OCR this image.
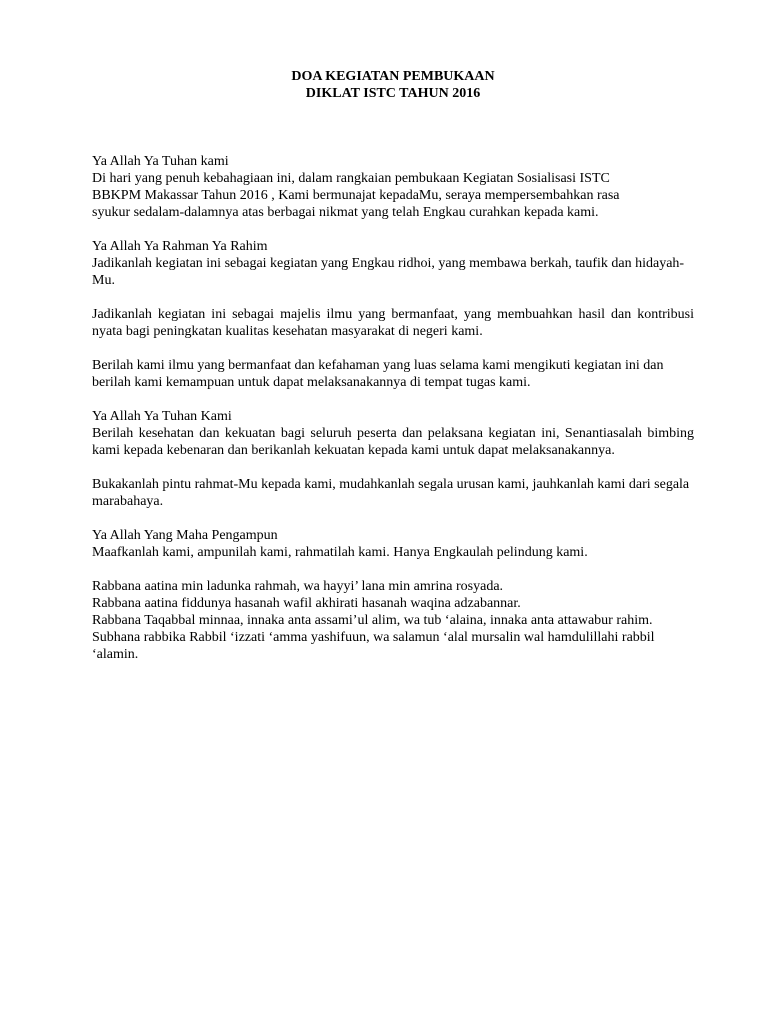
DOA KEGIATAN PEMBUKAAN
DIKLAT ISTC TAHUN 2016
Ya Allah Ya Tuhan kami
Di hari yang penuh kebahagiaan ini, dalam rangkaian pembukaan Kegiatan Sosialisasi ISTC
BBKPM Makassar Tahun 2016 , Kami bermunajat kepadaMu, seraya mempersembahkan rasa
syukur sedalam-dalamnya atas berbagai nikmat yang telah Engkau curahkan kepada kami.
Ya Allah Ya Rahman Ya Rahim
Jadikanlah kegiatan ini sebagai kegiatan yang Engkau ridhoi, yang membawa berkah, taufik dan hidayah-Mu.
Jadikanlah kegiatan ini sebagai majelis ilmu yang bermanfaat, yang membuahkan hasil dan kontribusi nyata bagi peningkatan kualitas kesehatan masyarakat di negeri kami.
Berilah kami ilmu yang bermanfaat dan kefahaman yang luas selama kami mengikuti kegiatan ini dan berilah kami kemampuan untuk dapat melaksanakannya di tempat tugas kami.
Ya Allah Ya Tuhan Kami
Berilah kesehatan dan kekuatan bagi seluruh peserta dan pelaksana kegiatan ini, Senantiasalah bimbing kami kepada kebenaran dan berikanlah kekuatan kepada kami untuk dapat melaksanakannya.
Bukakanlah pintu rahmat-Mu kepada kami, mudahkanlah segala urusan kami, jauhkanlah kami dari segala marabahaya.
Ya Allah Yang Maha Pengampun
Maafkanlah kami, ampunilah kami, rahmatilah kami. Hanya Engkaulah pelindung kami.
Rabbana aatina min ladunka rahmah, wa hayyi’ lana min amrina rosyada.
Rabbana aatina fiddunya hasanah wafil akhirati hasanah waqina adzabannar.
Rabbana Taqabbal minnaa, innaka anta assami’ul alim, wa tub ‘alaina, innaka anta attawabur rahim.
Subhana rabbika Rabbil ‘izzati ‘amma yashifuun, wa salamun ‘alal mursalin wal hamdulillahi rabbil ‘alamin.
